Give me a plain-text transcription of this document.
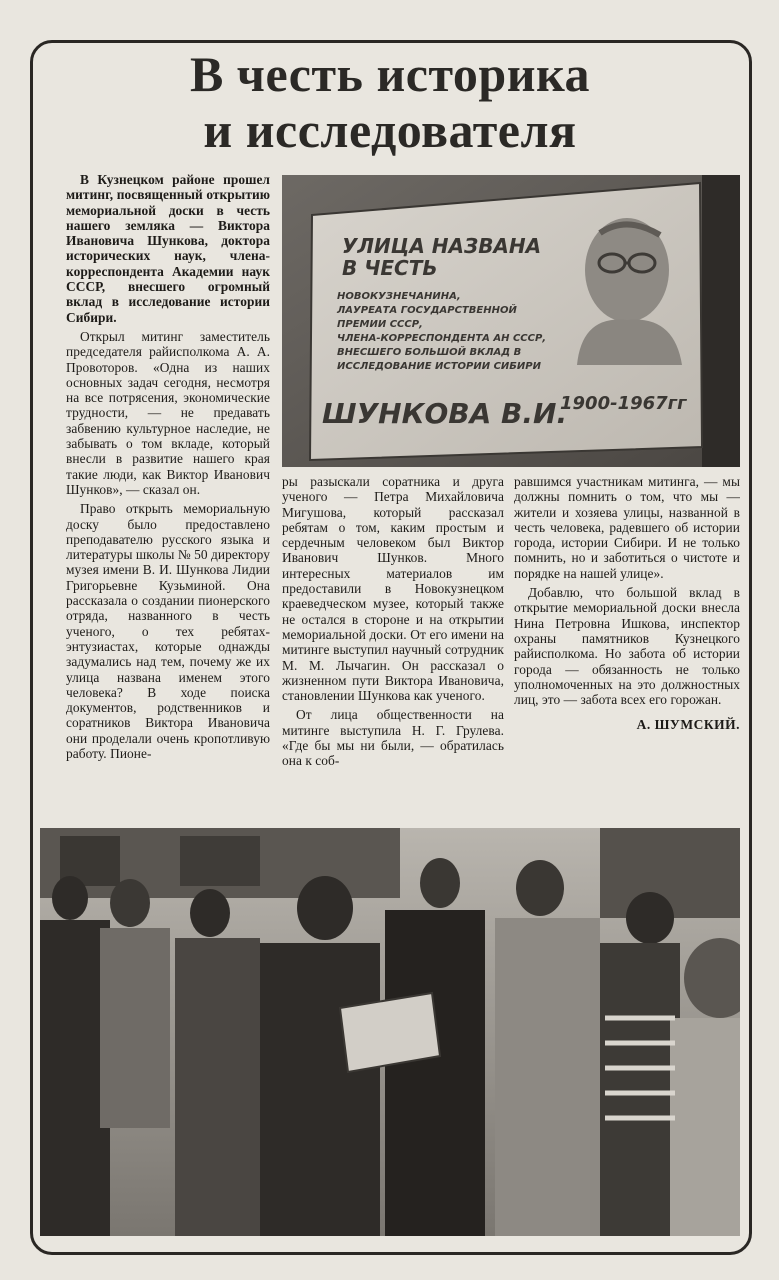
В честь историка
и исследователя
УЛИЦА НАЗВАНА
В ЧЕСТЬ
НОВОКУЗНЕЧАНИНА,
ЛАУРЕАТА ГОСУДАРСТВЕННОЙ
ПРЕМИИ СССР,
ЧЛЕНА-КОРРЕСПОНДЕНТА АН СССР,
ВНЕСШЕГО БОЛЬШОЙ ВКЛАД В
ИССЛЕДОВАНИЕ ИСТОРИИ СИБИРИ
ШУНКОВА В.И.
1900-1967гг

В Кузнецком районе прошел митинг, посвященный открытию мемориальной доски в честь нашего земляка — Виктора Ивановича Шункова, доктора исторических наук, члена-корреспондента Академии наук СССР, внесшего огромный вклад в исследование истории Сибири.

Открыл митинг заместитель председателя райисполкома А. А. Провоторов. «Одна из наших основных задач сегодня, несмотря на все потрясения, экономические трудности, — не предавать забвению культурное наследие, не забывать о том вкладе, который внесли в развитие нашего края такие люди, как Виктор Иванович Шунков», — сказал он.

Право открыть мемориальную доску было предоставлено преподавателю русского языка и литературы школы № 50 директору музея имени В. И. Шункова Лидии Григорьевне Кузьминой. Она рассказала о создании пионерского отряда, названного в честь ученого, о тех ребятах-энтузиастах, которые однажды задумались над тем, почему же их улица названа именем этого человека? В ходе поиска документов, родственников и соратников Виктора Ивановича они проделали очень кропотливую работу. Пионе-

ры разыскали соратника и друга ученого — Петра Михайловича Мигушова, который рассказал ребятам о том, каким простым и сердечным человеком был Виктор Иванович Шунков. Много интересных материалов им предоставили в Новокузнецком краеведческом музее, который также не остался в стороне и на открытии мемориальной доски. От его имени на митинге выступил научный сотрудник М. М. Лычагин. Он рассказал о жизненном пути Виктора Ивановича, становлении Шункова как ученого.

От лица общественности на митинге выступила Н. Г. Грулева. «Где бы мы ни были, — обратилась она к соб-

равшимся участникам митинга, — мы должны помнить о том, что мы — жители и хозяева улицы, названной в честь человека, радевшего об истории города, истории Сибири. И не только помнить, но и заботиться о чистоте и порядке на нашей улице».

Добавлю, что большой вклад в открытие мемориальной доски внесла Нина Петровна Ишкова, инспектор охраны памятников Кузнецкого райисполкома. Но забота об истории города — обязанность не только уполномоченных на это должностных лиц, это — забота всех его горожан.

А. ШУМСКИЙ.
